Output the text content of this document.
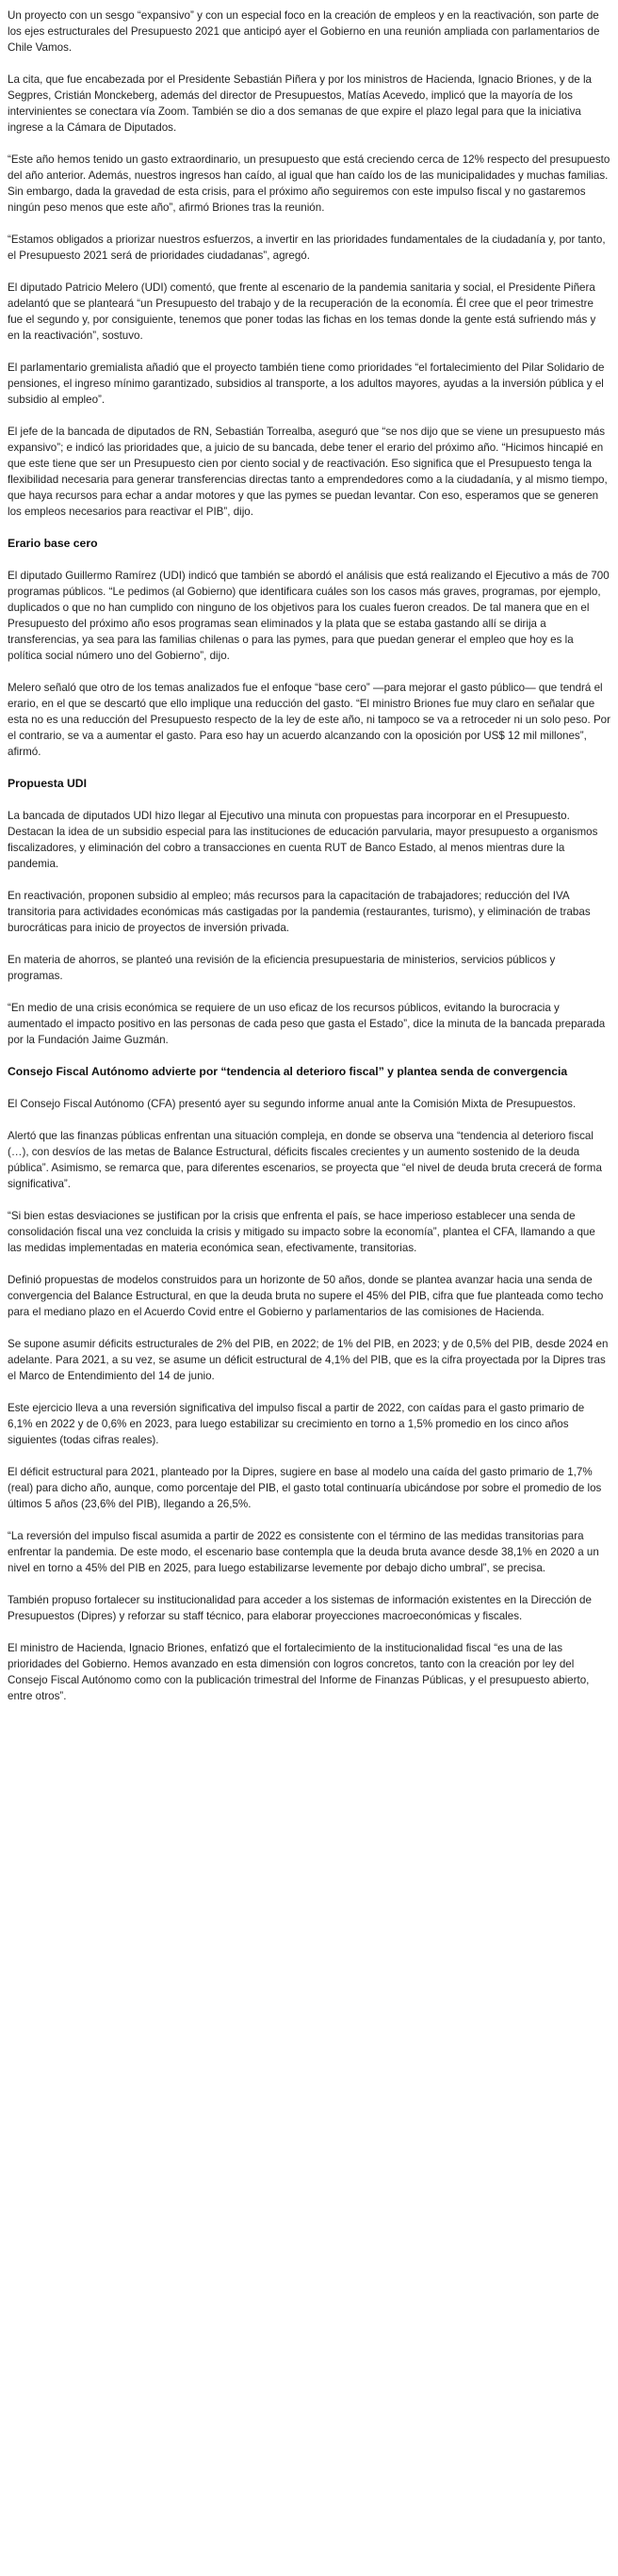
Un proyecto con un sesgo “expansivo” y con un especial foco en la creación de empleos y en la reactivación, son parte de los ejes estructurales del Presupuesto 2021 que anticipó ayer el Gobierno en una reunión ampliada con parlamentarios de Chile Vamos.

La cita, que fue encabezada por el Presidente Sebastián Piñera y por los ministros de Hacienda, Ignacio Briones, y de la Segpres, Cristián Monckeberg, además del director de Presupuestos, Matías Acevedo, implicó que la mayoría de los intervinientes se conectara vía Zoom. También se dio a dos semanas de que expire el plazo legal para que la iniciativa ingrese a la Cámara de Diputados.

“Este año hemos tenido un gasto extraordinario, un presupuesto que está creciendo cerca de 12% respecto del presupuesto del año anterior. Además, nuestros ingresos han caído, al igual que han caído los de las municipalidades y muchas familias. Sin embargo, dada la gravedad de esta crisis, para el próximo año seguiremos con este impulso fiscal y no gastaremos ningún peso menos que este año”, afirmó Briones tras la reunión.

“Estamos obligados a priorizar nuestros esfuerzos, a invertir en las prioridades fundamentales de la ciudadanía y, por tanto, el Presupuesto 2021 será de prioridades ciudadanas”, agregó.

El diputado Patricio Melero (UDI) comentó, que frente al escenario de la pandemia sanitaria y social, el Presidente Piñera adelantó que se planteará “un Presupuesto del trabajo y de la recuperación de la economía. Él cree que el peor trimestre fue el segundo y, por consiguiente, tenemos que poner todas las fichas en los temas donde la gente está sufriendo más y en la reactivación”, sostuvo.

El parlamentario gremialista añadió que el proyecto también tiene como prioridades “el fortalecimiento del Pilar Solidario de pensiones, el ingreso mínimo garantizado, subsidios al transporte, a los adultos mayores, ayudas a la inversión pública y el subsidio al empleo”.

El jefe de la bancada de diputados de RN, Sebastián Torrealba, aseguró que “se nos dijo que se viene un presupuesto más expansivo”; e indicó las prioridades que, a juicio de su bancada, debe tener el erario del próximo año. “Hicimos hincapié en que este tiene que ser un Presupuesto cien por ciento social y de reactivación. Eso significa que el Presupuesto tenga la flexibilidad necesaria para generar transferencias directas tanto a emprendedores como a la ciudadanía, y al mismo tiempo, que haya recursos para echar a andar motores y que las pymes se puedan levantar. Con eso, esperamos que se generen los empleos necesarios para reactivar el PIB”, dijo.

Erario base cero

El diputado Guillermo Ramírez (UDI) indicó que también se abordó el análisis que está realizando el Ejecutivo a más de 700 programas públicos. “Le pedimos (al Gobierno) que identificara cuáles son los casos más graves, programas, por ejemplo, duplicados o que no han cumplido con ninguno de los objetivos para los cuales fueron creados. De tal manera que en el Presupuesto del próximo año esos programas sean eliminados y la plata que se estaba gastando allí se dirija a transferencias, ya sea para las familias chilenas o para las pymes, para que puedan generar el empleo que hoy es la política social número uno del Gobierno”, dijo.

Melero señaló que otro de los temas analizados fue el enfoque “base cero” —para mejorar el gasto público— que tendrá el erario, en el que se descartó que ello implique una reducción del gasto. “El ministro Briones fue muy claro en señalar que esta no es una reducción del Presupuesto respecto de la ley de este año, ni tampoco se va a retroceder ni un solo peso. Por el contrario, se va a aumentar el gasto. Para eso hay un acuerdo alcanzando con la oposición por US$ 12 mil millones”, afirmó.

Propuesta UDI

La bancada de diputados UDI hizo llegar al Ejecutivo una minuta con propuestas para incorporar en el Presupuesto. Destacan la idea de un subsidio especial para las instituciones de educación parvularia, mayor presupuesto a organismos fiscalizadores, y eliminación del cobro a transacciones en cuenta RUT de Banco Estado, al menos mientras dure la pandemia.

En reactivación, proponen subsidio al empleo; más recursos para la capacitación de trabajadores; reducción del IVA transitoria para actividades económicas más castigadas por la pandemia (restaurantes, turismo), y eliminación de trabas burocráticas para inicio de proyectos de inversión privada.

En materia de ahorros, se planteó una revisión de la eficiencia presupuestaria de ministerios, servicios públicos y programas.

“En medio de una crisis económica se requiere de un uso eficaz de los recursos públicos, evitando la burocracia y aumentado el impacto positivo en las personas de cada peso que gasta el Estado”, dice la minuta de la bancada preparada por la Fundación Jaime Guzmán.

Consejo Fiscal Autónomo advierte por “tendencia al deterioro fiscal” y plantea senda de convergencia

El Consejo Fiscal Autónomo (CFA) presentó ayer su segundo informe anual ante la Comisión Mixta de Presupuestos.

Alertó que las finanzas públicas enfrentan una situación compleja, en donde se observa una “tendencia al deterioro fiscal (…), con desvíos de las metas de Balance Estructural, déficits fiscales crecientes y un aumento sostenido de la deuda pública”. Asimismo, se remarca que, para diferentes escenarios, se proyecta que “el nivel de deuda bruta crecerá de forma significativa”.

“Si bien estas desviaciones se justifican por la crisis que enfrenta el país, se hace imperioso establecer una senda de consolidación fiscal una vez concluida la crisis y mitigado su impacto sobre la economía”, plantea el CFA, llamando a que las medidas implementadas en materia económica sean, efectivamente, transitorias.

Definió propuestas de modelos construidos para un horizonte de 50 años, donde se plantea avanzar hacia una senda de convergencia del Balance Estructural, en que la deuda bruta no supere el 45% del PIB, cifra que fue planteada como techo para el mediano plazo en el Acuerdo Covid entre el Gobierno y parlamentarios de las comisiones de Hacienda.

Se supone asumir déficits estructurales de 2% del PIB, en 2022; de 1% del PIB, en 2023; y de 0,5% del PIB, desde 2024 en adelante. Para 2021, a su vez, se asume un déficit estructural de 4,1% del PIB, que es la cifra proyectada por la Dipres tras el Marco de Entendimiento del 14 de junio.

Este ejercicio lleva a una reversión significativa del impulso fiscal a partir de 2022, con caídas para el gasto primario de 6,1% en 2022 y de 0,6% en 2023, para luego estabilizar su crecimiento en torno a 1,5% promedio en los cinco años siguientes (todas cifras reales).

El déficit estructural para 2021, planteado por la Dipres, sugiere en base al modelo una caída del gasto primario de 1,7% (real) para dicho año, aunque, como porcentaje del PIB, el gasto total continuaría ubicándose por sobre el promedio de los últimos 5 años (23,6% del PIB), llegando a 26,5%.

“La reversión del impulso fiscal asumida a partir de 2022 es consistente con el término de las medidas transitorias para enfrentar la pandemia. De este modo, el escenario base contempla que la deuda bruta avance desde 38,1% en 2020 a un nivel en torno a 45% del PIB en 2025, para luego estabilizarse levemente por debajo dicho umbral”, se precisa.

También propuso fortalecer su institucionalidad para acceder a los sistemas de información existentes en la Dirección de Presupuestos (Dipres) y reforzar su staff técnico, para elaborar proyecciones macroeconómicas y fiscales.

El ministro de Hacienda, Ignacio Briones, enfatizó que el fortalecimiento de la institucionalidad fiscal “es una de las prioridades del Gobierno. Hemos avanzado en esta dimensión con logros concretos, tanto con la creación por ley del Consejo Fiscal Autónomo como con la publicación trimestral del Informe de Finanzas Públicas, y el presupuesto abierto, entre otros”.
